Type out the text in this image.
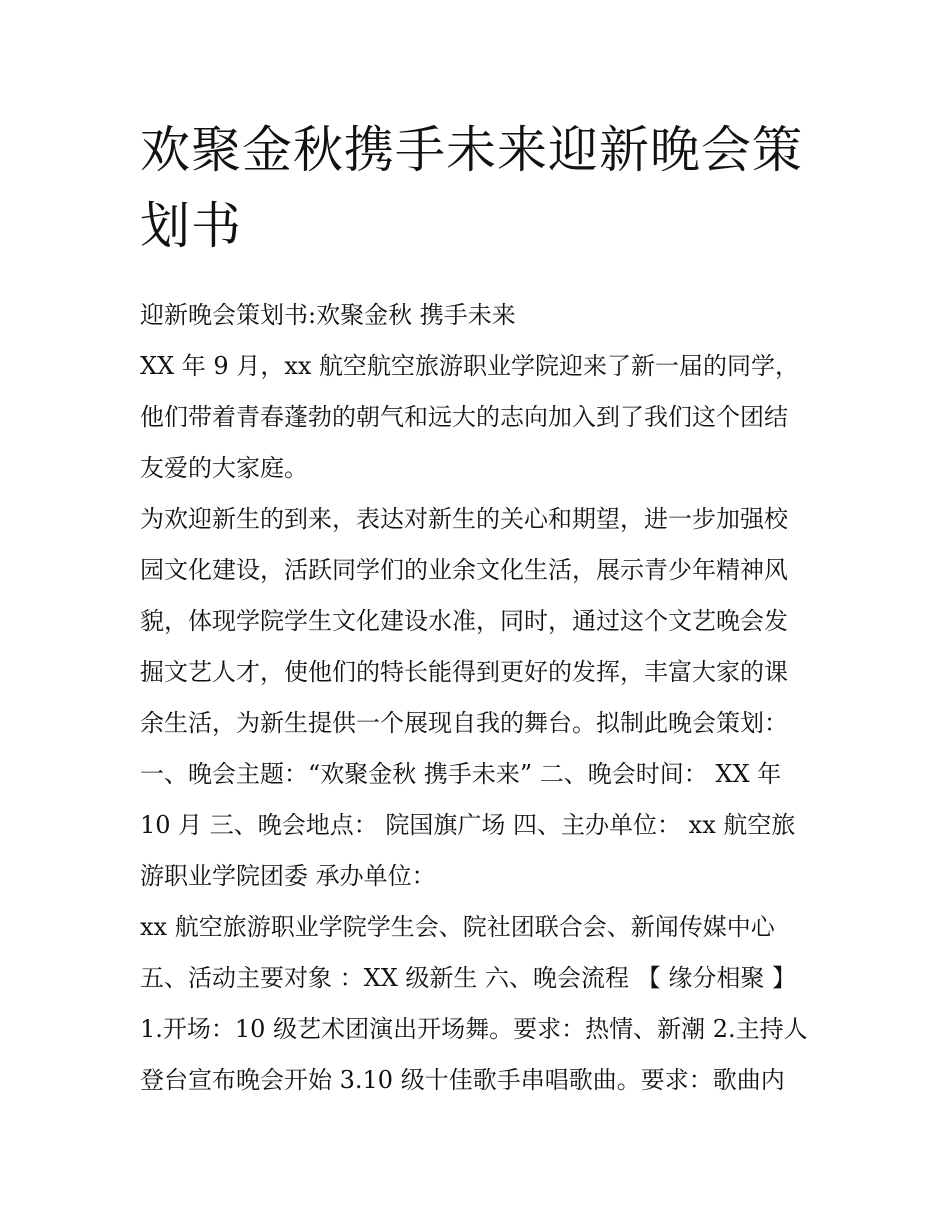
欢聚金秋携手未来迎新晚会策
划书

迎新晚会策划书:欢聚金秋 携手未来

XX 年 9 月，xx 航空航空旅游职业学院迎来了新一届的同学，
他们带着青春蓬勃的朝气和远大的志向加入到了我们这个团结
友爱的大家庭。

为欢迎新生的到来，表达对新生的关心和期望，进一步加强校
园文化建设，活跃同学们的业余文化生活，展示青少年精神风
貌，体现学院学生文化建设水准，同时，通过这个文艺晚会发
掘文艺人才，使他们的特长能得到更好的发挥，丰富大家的课
余生活，为新生提供一个展现自我的舞台。拟制此晚会策划：
一、晚会主题：“欢聚金秋 携手未来” 二、晚会时间： XX 年
10 月 三、晚会地点： 院国旗广场 四、主办单位： xx 航空旅
游职业学院团委 承办单位：

xx 航空旅游职业学院学生会、院社团联合会、新闻传媒中心
五、活动主要对象 ：XX 级新生 六、晚会流程 【 缘分相聚 】
1.开场：10 级艺术团演出开场舞。要求：热情、新潮 2.主持人
登台宣布晚会开始 3.10 级十佳歌手串唱歌曲。要求：歌曲内
